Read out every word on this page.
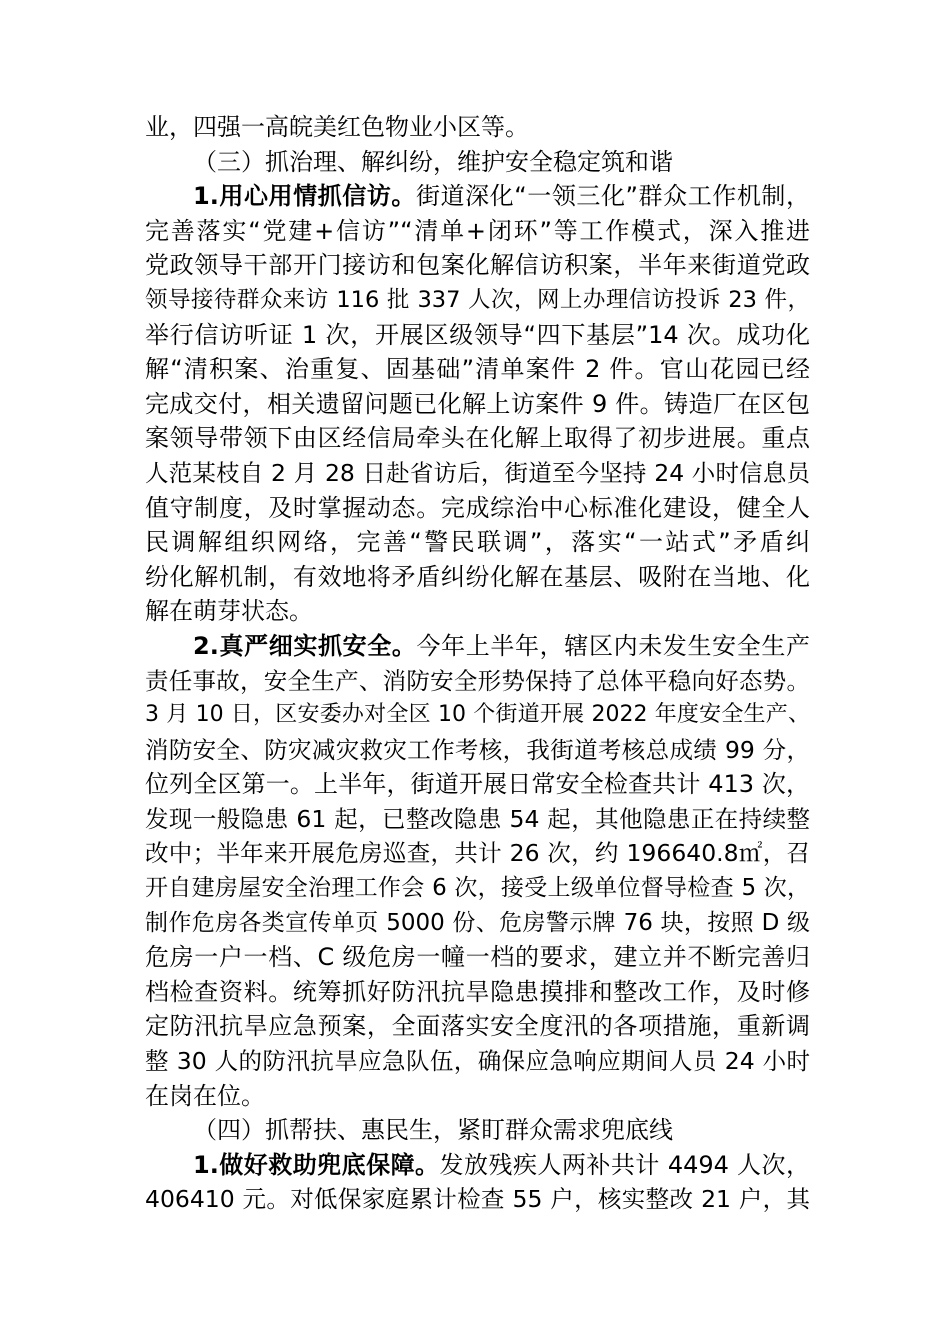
业，四强一高皖美红色物业小区等。
（三）抓治理、解纠纷，维护安全稳定筑和谐
1.用心用情抓信访。街道深化“一领三化”群众工作机制，
完善落实“党建+信访”“清单+闭环”等工作模式，深入推进
党政领导干部开门接访和包案化解信访积案，半年来街道党政
领导接待群众来访 116 批 337 人次，网上办理信访投诉 23 件，
举行信访听证 1 次，开展区级领导“四下基层”14 次。成功化
解“清积案、治重复、固基础”清单案件 2 件。官山花园已经
完成交付，相关遗留问题已化解上访案件 9 件。铸造厂在区包
案领导带领下由区经信局牵头在化解上取得了初步进展。重点
人范某枝自 2 月 28 日赴省访后，街道至今坚持 24 小时信息员
值守制度，及时掌握动态。完成综治中心标准化建设，健全人
民调解组织网络，完善“警民联调”，落实“一站式”矛盾纠
纷化解机制，有效地将矛盾纠纷化解在基层、吸附在当地、化
解在萌芽状态。
2.真严细实抓安全。今年上半年，辖区内未发生安全生产
责任事故，安全生产、消防安全形势保持了总体平稳向好态势。
3 月 10 日，区安委办对全区 10 个街道开展 2022 年度安全生产、
消防安全、防灾减灾救灾工作考核，我街道考核总成绩 99 分，
位列全区第一。上半年，街道开展日常安全检查共计 413 次，
发现一般隐患 61 起，已整改隐患 54 起，其他隐患正在持续整
改中；半年来开展危房巡查，共计 26 次，约 196640.8㎡，召
开自建房屋安全治理工作会 6 次，接受上级单位督导检查 5 次，
制作危房各类宣传单页 5000 份、危房警示牌 76 块，按照 D 级
危房一户一档、C 级危房一幢一档的要求，建立并不断完善归
档检查资料。统筹抓好防汛抗旱隐患摸排和整改工作，及时修
定防汛抗旱应急预案，全面落实安全度汛的各项措施，重新调
整 30 人的防汛抗旱应急队伍，确保应急响应期间人员 24 小时
在岗在位。
（四）抓帮扶、惠民生，紧盯群众需求兜底线
1.做好救助兜底保障。发放残疾人两补共计 4494 人次，
406410 元。对低保家庭累计检查 55 户，核实整改 21 户，其
